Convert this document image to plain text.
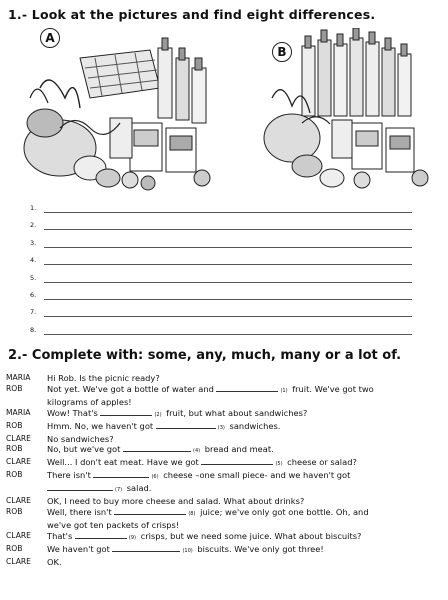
1.- Look at the pictures and find eight differences.
A
B
1.
2.
3.
4.
5.
6.
7.
8.
2.- Complete with: some, any, much, many or a lot of.
MARIA	Hi Rob. Is the picnic ready?
ROB	Not yet. We've got a bottle of water and	(1) fruit. We've got two
kilograms of apples!
MARIA	Wow! That's	(2) fruit, but what about sandwiches?
ROB	Hmm. No, we haven't got	(3) sandwiches.
CLARE	No sandwiches?
ROB	No, but we've got	(4) bread and meat.
CLARE	Well... I don't eat meat. Have we got	(5) cheese or salad?
ROB	There isn't	(6) cheese –one small piece- and we haven't got
(7) salad.
CLARE	OK, I need to buy more cheese and salad. What about drinks?
ROB	Well, there isn't	(8) juice; we've only got one bottle. Oh, and
we've got ten packets of crisps!
CLARE	That's	(9) crisps, but we need some juice. What about biscuits?
ROB	We haven't got	(10) biscuits. We've only got three!
CLARE	OK.
